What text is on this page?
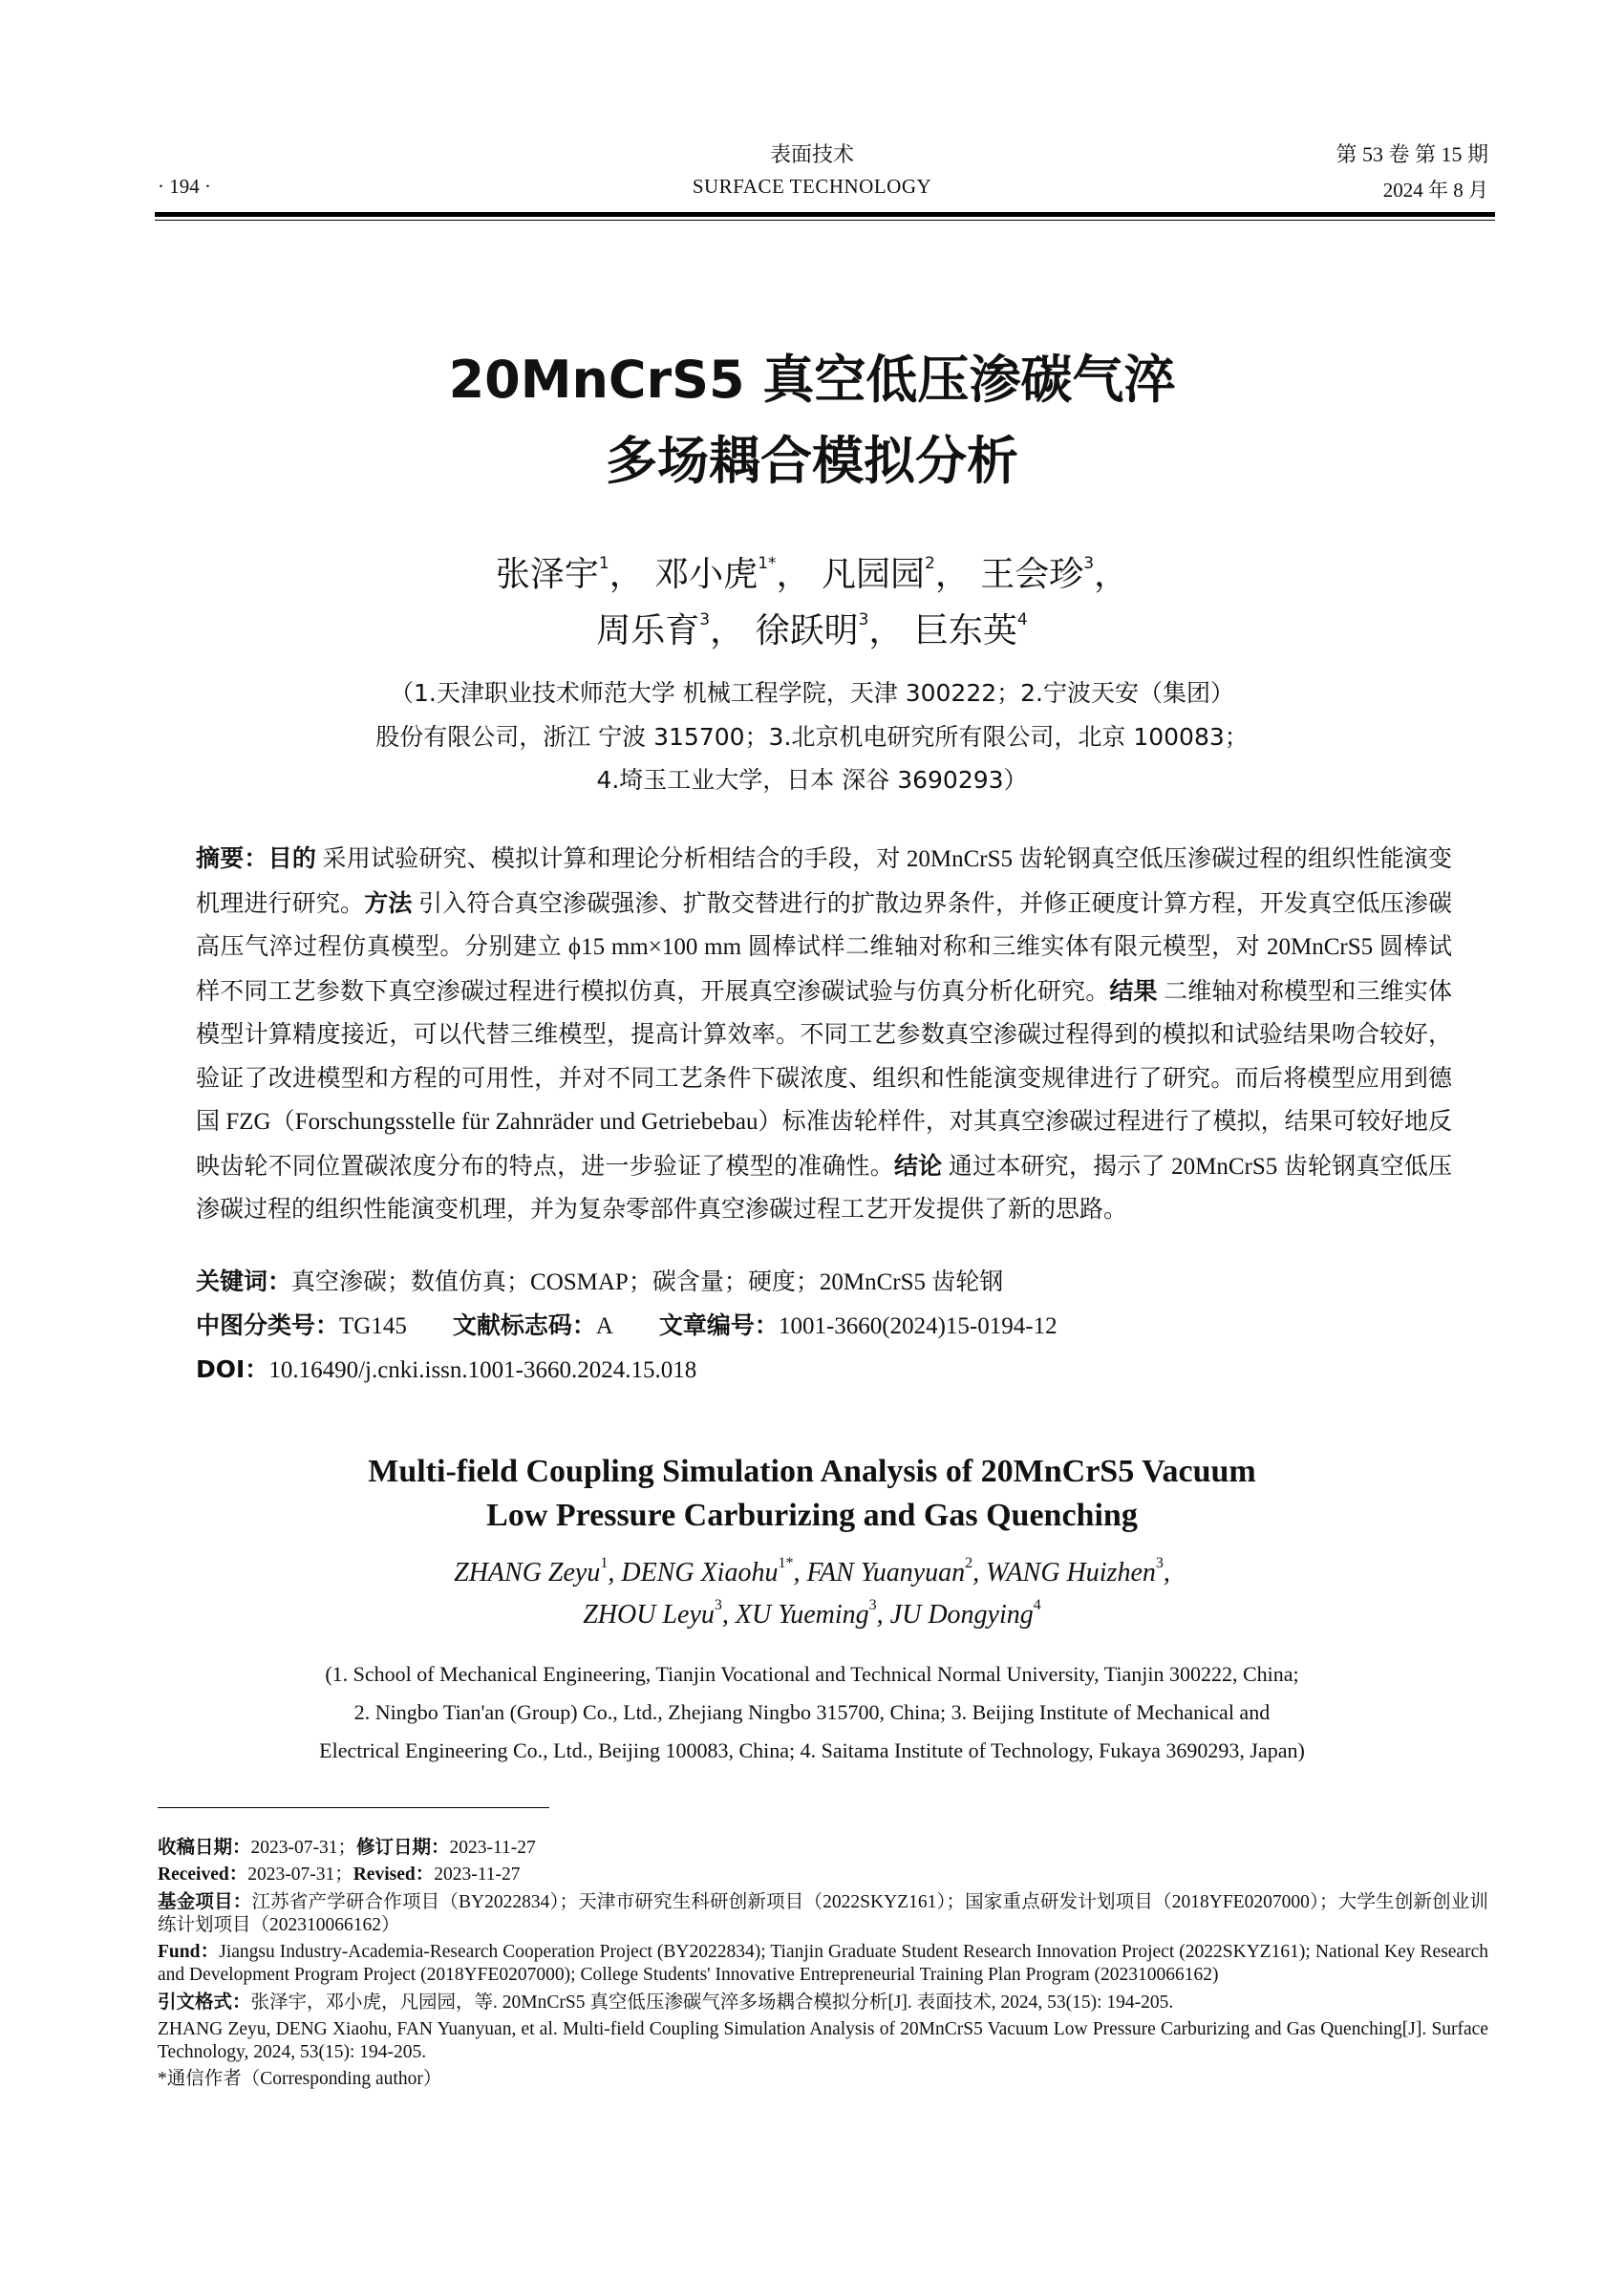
· 194 ·
表面技术
SURFACE TECHNOLOGY
第 53 卷 第 15 期
2024 年 8 月
20MnCrS5 真空低压渗碳气淬
多场耦合模拟分析
张泽宇$^1$， 邓小虎$^{1*}$， 凡园园$^2$， 王会珍$^3$，
周乐育$^3$， 徐跃明$^3$， 巨东英$^4$
（1.天津职业技术师范大学 机械工程学院，天津 300222；2.宁波天安（集团）
股份有限公司，浙江 宁波 315700；3.北京机电研究所有限公司，北京 100083；
4.埼玉工业大学，日本 深谷 3690293）
摘要：目的 采用试验研究、模拟计算和理论分析相结合的手段，对 20MnCrS5 齿轮钢真空低压渗碳过程的组织性能演变机理进行研究。方法 引入符合真空渗碳强渗、扩散交替进行的扩散边界条件，并修正硬度计算方程，开发真空低压渗碳高压气淬过程仿真模型。分别建立 ϕ15 mm×100 mm 圆棒试样二维轴对称和三维实体有限元模型，对 20MnCrS5 圆棒试样不同工艺参数下真空渗碳过程进行模拟仿真，开展真空渗碳试验与仿真分析化研究。结果 二维轴对称模型和三维实体模型计算精度接近，可以代替三维模型，提高计算效率。不同工艺参数真空渗碳过程得到的模拟和试验结果吻合较好，验证了改进模型和方程的可用性，并对不同工艺条件下碳浓度、组织和性能演变规律进行了研究。而后将模型应用到德国 FZG（Forschungsstelle für Zahnräder und Getriebebau）标准齿轮样件，对其真空渗碳过程进行了模拟，结果可较好地反映齿轮不同位置碳浓度分布的特点，进一步验证了模型的准确性。结论 通过本研究，揭示了 20MnCrS5 齿轮钢真空低压渗碳过程的组织性能演变机理，并为复杂零部件真空渗碳过程工艺开发提供了新的思路。
关键词：真空渗碳；数值仿真；COSMAP；碳含量；硬度；20MnCrS5 齿轮钢
中图分类号：TG145 文献标志码：A 文章编号：1001-3660(2024)15-0194-12
DOI：10.16490/j.cnki.issn.1001-3660.2024.15.018
Multi-field Coupling Simulation Analysis of 20MnCrS5 Vacuum
Low Pressure Carburizing and Gas Quenching
ZHANG Zeyu$^1$, DENG Xiaohu$^{1*}$, FAN Yuanyuan$^2$, WANG Huizhen$^3$,
ZHOU Leyu$^3$, XU Yueming$^3$, JU Dongying$^4$
(1. School of Mechanical Engineering, Tianjin Vocational and Technical Normal University, Tianjin 300222, China;
2. Ningbo Tian'an (Group) Co., Ltd., Zhejiang Ningbo 315700, China; 3. Beijing Institute of Mechanical and
Electrical Engineering Co., Ltd., Beijing 100083, China; 4. Saitama Institute of Technology, Fukaya 3690293, Japan)

收稿日期：2023-07-31；修订日期：2023-11-27

Received：2023-07-31；Revised：2023-11-27

基金项目：江苏省产学研合作项目（BY2022834）；天津市研究生科研创新项目（2022SKYZ161）；国家重点研发计划项目（2018YFE0207000）；大学生创新创业训练计划项目（202310066162）

Fund：Jiangsu Industry-Academia-Research Cooperation Project (BY2022834); Tianjin Graduate Student Research Innovation Project (2022SKYZ161); National Key Research and Development Program Project (2018YFE0207000); College Students' Innovative Entrepreneurial Training Plan Program (202310066162)

引文格式：张泽宇，邓小虎，凡园园，等. 20MnCrS5 真空低压渗碳气淬多场耦合模拟分析[J]. 表面技术, 2024, 53(15): 194-205.

ZHANG Zeyu, DENG Xiaohu, FAN Yuanyuan, et al. Multi-field Coupling Simulation Analysis of 20MnCrS5 Vacuum Low Pressure Carburizing and Gas Quenching[J]. Surface Technology, 2024, 53(15): 194-205.

*通信作者（Corresponding author）
